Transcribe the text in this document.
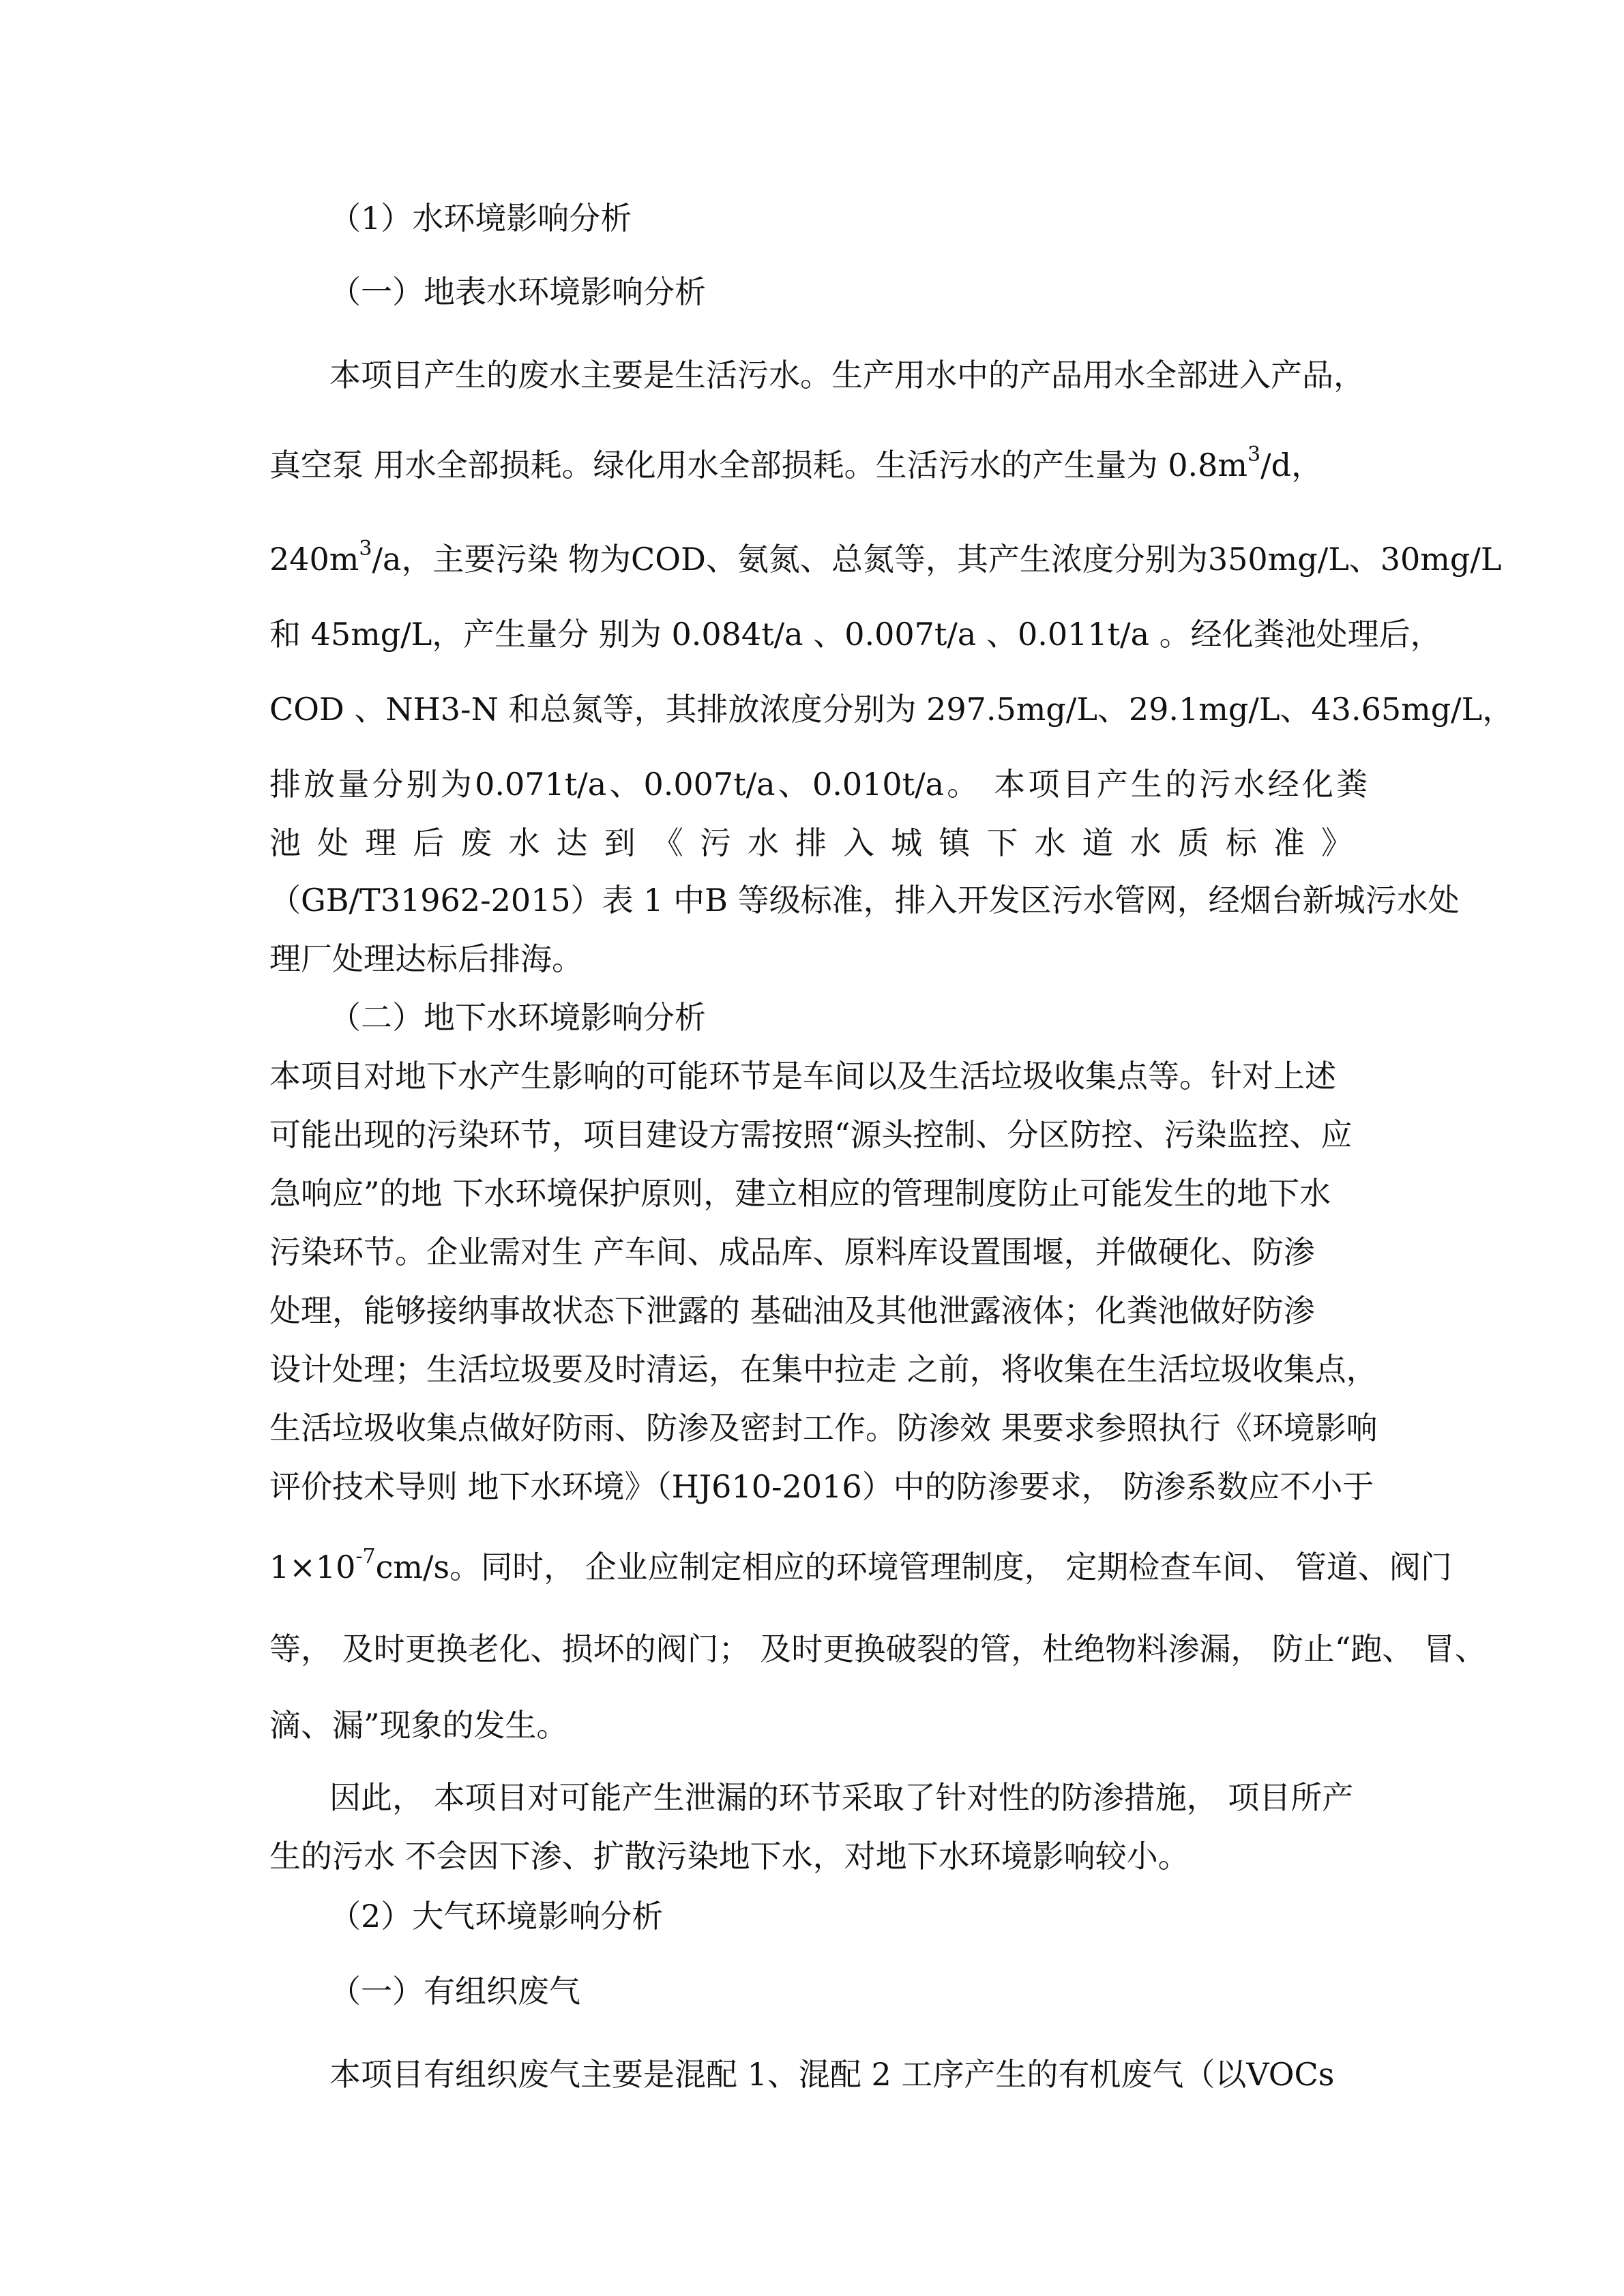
（1）水环境影响分析
（一）地表水环境影响分析
本项目产生的废水主要是生活污水。生产用水中的产品用水全部进入产品，
真空泵 用水全部损耗。绿化用水全部损耗。生活污水的产生量为 $0.8m^3/d$，
$240m^3/a$，主要污染 物为COD、氨氮、总氮等，其产生浓度分别为350mg/L、30mg/L
和 45mg/L，产生量分 别为 0.084t/a 、0.007t/a 、0.011t/a 。经化粪池处理后，
COD 、NH3-N 和总氮等，其排放浓度分别为 297.5mg/L、29.1mg/L、43.65mg/L，
排放量分别为0.071t/a、0.007t/a、0.010t/a。 本项目产生的污水经化粪
池处理后废水达到《污水排入城镇下水道水质标准》
（GB/T31962-2015）表 1 中B 等级标准，排入开发区污水管网，经烟台新城污水处
理厂处理达标后排海。
（二）地下水环境影响分析
本项目对地下水产生影响的可能环节是车间以及生活垃圾收集点等。针对上述
可能出现的污染环节，项目建设方需按照“源头控制、分区防控、污染监控、应
急响应”的地 下水环境保护原则，建立相应的管理制度防止可能发生的地下水
污染环节。企业需对生 产车间、成品库、原料库设置围堰，并做硬化、防渗
处理，能够接纳事故状态下泄露的 基础油及其他泄露液体；化粪池做好防渗
设计处理；生活垃圾要及时清运，在集中拉走 之前，将收集在生活垃圾收集点，
生活垃圾收集点做好防雨、防渗及密封工作。防渗效 果要求参照执行《环境影响
评价技术导则 地下水环境》（HJ610-2016）中的防渗要求， 防渗系数应不小于
$1\times 10^{-7}cm/s$。同时， 企业应制定相应的环境管理制度， 定期检查车间、 管道、阀门
等， 及时更换老化、损坏的阀门； 及时更换破裂的管，杜绝物料渗漏， 防止“跑、 冒、
滴、漏”现象的发生。
因此， 本项目对可能产生泄漏的环节采取了针对性的防渗措施， 项目所产
生的污水 不会因下渗、扩散污染地下水，对地下水环境影响较小。
（2）大气环境影响分析
（一）有组织废气
本项目有组织废气主要是混配 1、混配 2 工序产生的有机废气（以VOCs
